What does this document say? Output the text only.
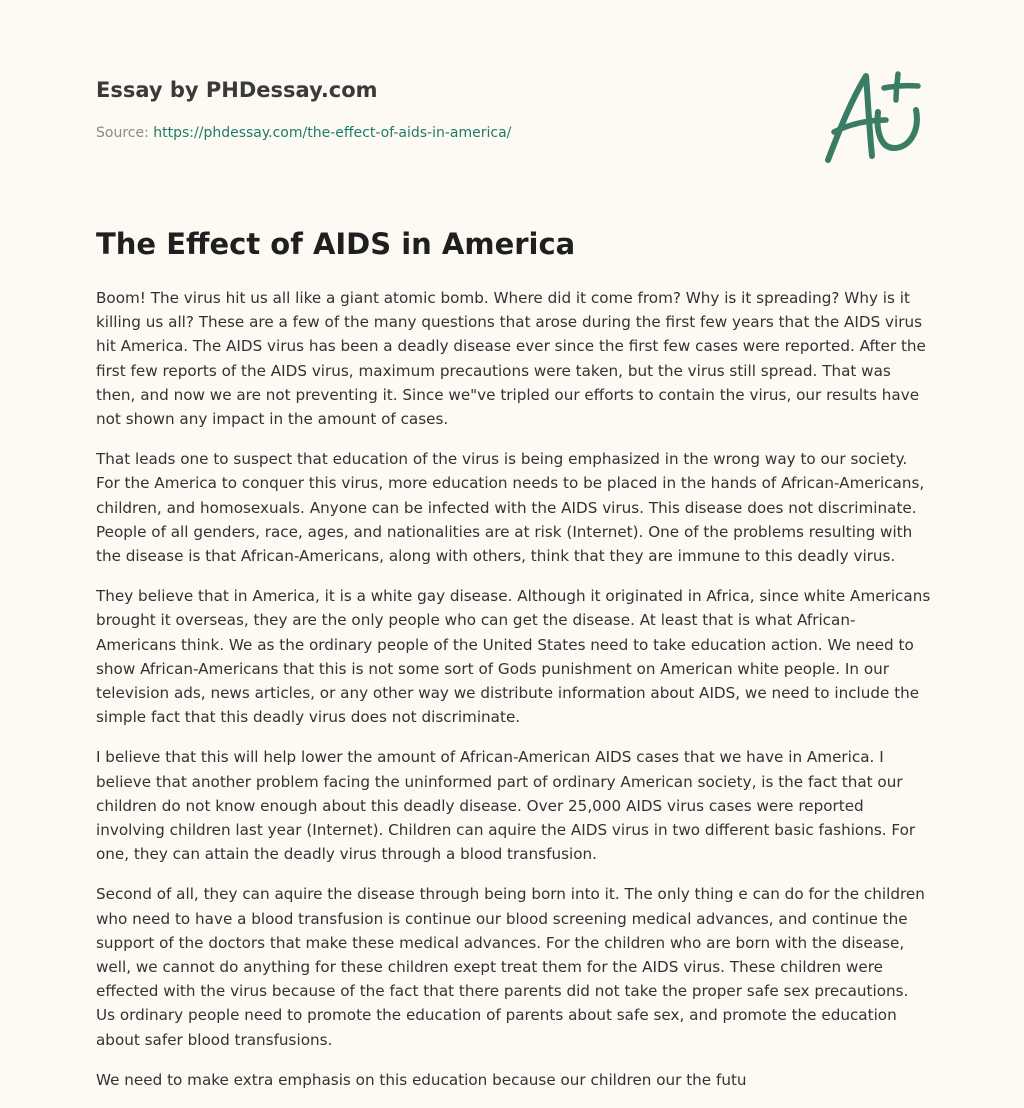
Essay by PHDessay.com
Source: https://phdessay.com/the-effect-of-aids-in-america/
The Effect of AIDS in America

Boom! The virus hit us all like a giant atomic bomb. Where did it come from? Why is it spreading? Why is it killing us all? These are a few of the many questions that arose during the first few years that the AIDS virus hit America. The AIDS virus has been a deadly disease ever since the first few cases were reported. After the first few reports of the AIDS virus, maximum precautions were taken, but the virus still spread. That was then, and now we are not preventing it. Since we"ve tripled our efforts to contain the virus, our results have not shown any impact in the amount of cases.

That leads one to suspect that education of the virus is being emphasized in the wrong way to our society. For the America to conquer this virus, more education needs to be placed in the hands of African-Americans, children, and homosexuals. Anyone can be infected with the AIDS virus. This disease does not discriminate. People of all genders, race, ages, and nationalities are at risk (Internet). One of the problems resulting with the disease is that African-Americans, along with others, think that they are immune to this deadly virus.

They believe that in America, it is a white gay disease. Although it originated in Africa, since white Americans brought it overseas, they are the only people who can get the disease. At least that is what African-Americans think. We as the ordinary people of the United States need to take education action. We need to show African-Americans that this is not some sort of Gods punishment on American white people. In our television ads, news articles, or any other way we distribute information about AIDS, we need to include the simple fact that this deadly virus does not discriminate.

I believe that this will help lower the amount of African-American AIDS cases that we have in America. I believe that another problem facing the uninformed part of ordinary American society, is the fact that our children do not know enough about this deadly disease. Over 25,000 AIDS virus cases were reported involving children last year (Internet). Children can aquire the AIDS virus in two different basic fashions. For one, they can attain the deadly virus through a blood transfusion.

Second of all, they can aquire the disease through being born into it. The only thing e can do for the children who need to have a blood transfusion is continue our blood screening medical advances, and continue the support of the doctors that make these medical advances. For the children who are born with the disease, well, we cannot do anything for these children exept treat them for the AIDS virus. These children were effected with the virus because of the fact that there parents did not take the proper safe sex precautions. Us ordinary people need to promote the education of parents about safe sex, and promote the education about safer blood transfusions.

We need to make extra emphasis on this education because our children our the futu
